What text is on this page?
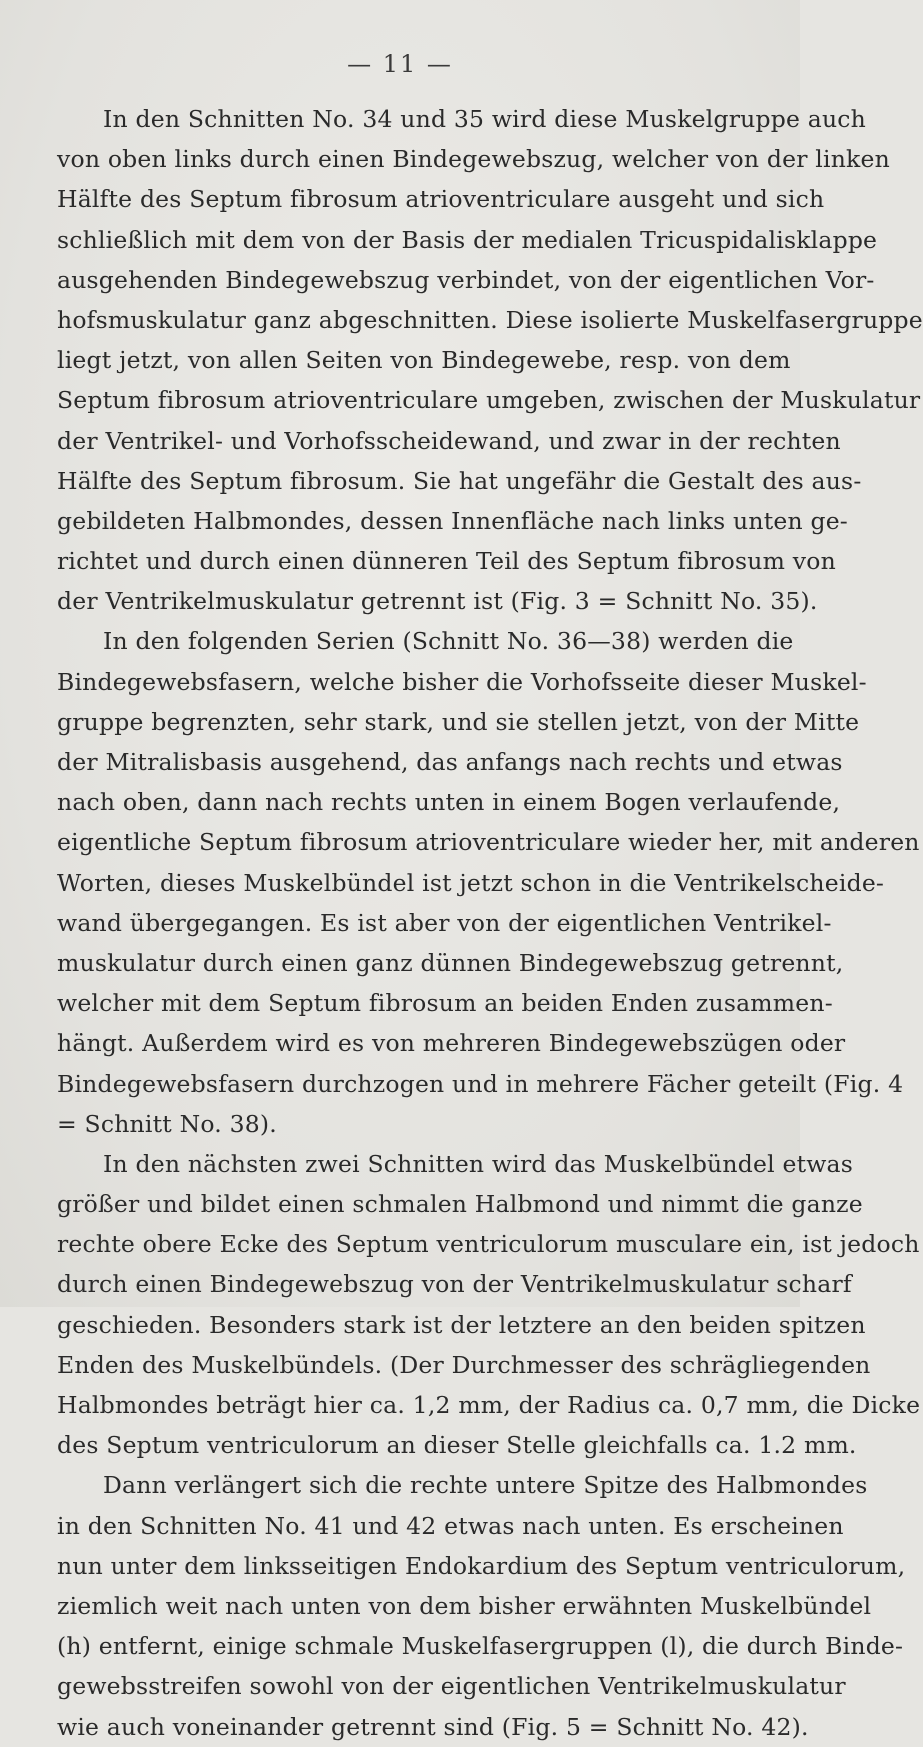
— 11 —
In den Schnitten No. 34 und 35 wird diese Muskelgruppe auch
von oben links durch einen Bindegewebszug, welcher von der linken
Hälfte des Septum fibrosum atrioventriculare ausgeht und sich
schließlich mit dem von der Basis der medialen Tricuspidalisklappe
ausgehenden Bindegewebszug verbindet, von der eigentlichen Vor-
hofsmuskulatur ganz abgeschnitten. Diese isolierte Muskelfasergruppe
liegt jetzt, von allen Seiten von Bindegewebe, resp. von dem
Septum fibrosum atrioventriculare umgeben, zwischen der Muskulatur
der Ventrikel- und Vorhofsscheidewand, und zwar in der rechten
Hälfte des Septum fibrosum. Sie hat ungefähr die Gestalt des aus-
gebildeten Halbmondes, dessen Innenfläche nach links unten ge-
richtet und durch einen dünneren Teil des Septum fibrosum von
der Ventrikelmuskulatur getrennt ist (Fig. 3 = Schnitt No. 35).
In den folgenden Serien (Schnitt No. 36—38) werden die
Bindegewebsfasern, welche bisher die Vorhofsseite dieser Muskel-
gruppe begrenzten, sehr stark, und sie stellen jetzt, von der Mitte
der Mitralisbasis ausgehend, das anfangs nach rechts und etwas
nach oben, dann nach rechts unten in einem Bogen verlaufende,
eigentliche Septum fibrosum atrioventriculare wieder her, mit anderen
Worten, dieses Muskelbündel ist jetzt schon in die Ventrikelscheide-
wand übergegangen. Es ist aber von der eigentlichen Ventrikel-
muskulatur durch einen ganz dünnen Bindegewebszug getrennt,
welcher mit dem Septum fibrosum an beiden Enden zusammen-
hängt. Außerdem wird es von mehreren Bindegewebszügen oder
Bindegewebsfasern durchzogen und in mehrere Fächer geteilt (Fig. 4
= Schnitt No. 38).
In den nächsten zwei Schnitten wird das Muskelbündel etwas
größer und bildet einen schmalen Halbmond und nimmt die ganze
rechte obere Ecke des Septum ventriculorum musculare ein, ist jedoch
durch einen Bindegewebszug von der Ventrikelmuskulatur scharf
geschieden. Besonders stark ist der letztere an den beiden spitzen
Enden des Muskelbündels. (Der Durchmesser des schrägliegenden
Halbmondes beträgt hier ca. 1,2 mm, der Radius ca. 0,7 mm, die Dicke
des Septum ventriculorum an dieser Stelle gleichfalls ca. 1.2 mm.
Dann verlängert sich die rechte untere Spitze des Halbmondes
in den Schnitten No. 41 und 42 etwas nach unten. Es erscheinen
nun unter dem linksseitigen Endokardium des Septum ventriculorum,
ziemlich weit nach unten von dem bisher erwähnten Muskelbündel
(h) entfernt, einige schmale Muskelfasergruppen (l), die durch Binde-
gewebsstreifen sowohl von der eigentlichen Ventrikelmuskulatur
wie auch voneinander getrennt sind (Fig. 5 = Schnitt No. 42).
